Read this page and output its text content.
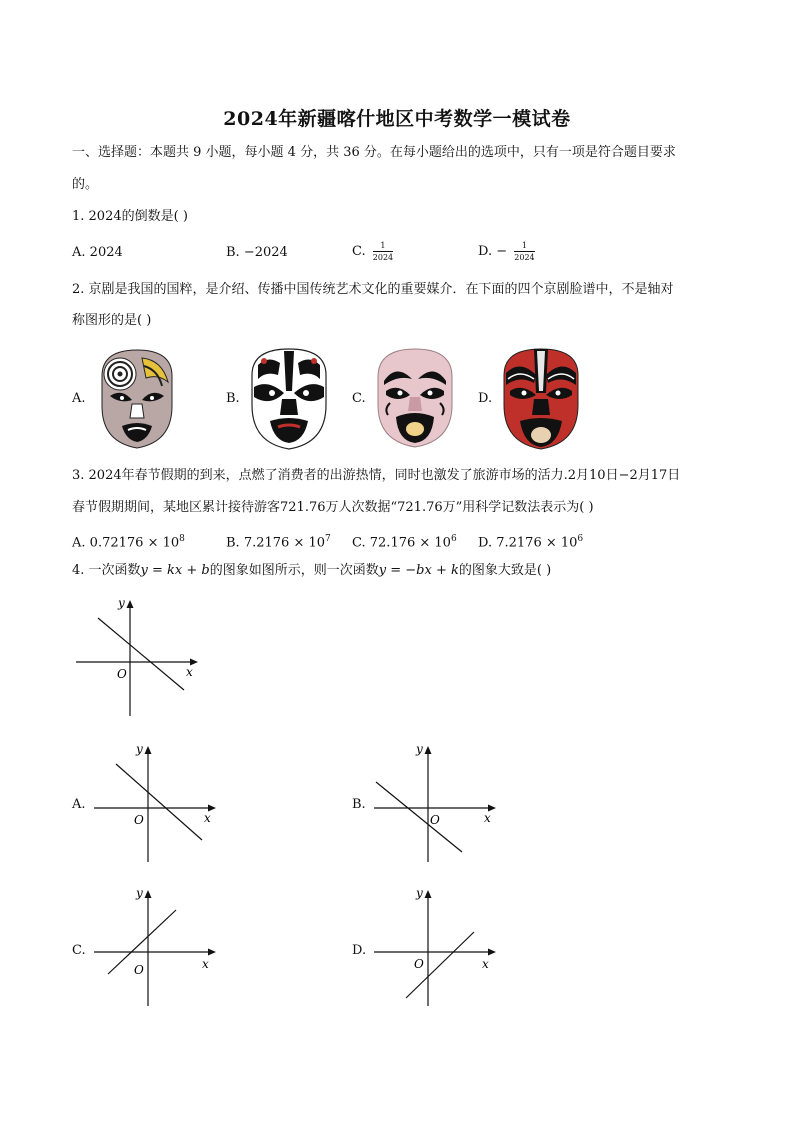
2024年新疆喀什地区中考数学一模试卷
一、选择题：本题共 9 小题，每小题 4 分，共 36 分。在每小题给出的选项中，只有一项是符合题目要求
的。
1. 2024的倒数是( )
A. 2024	B. −2024	C. $\frac{1}{2024}$	D. − $\frac{1}{2024}$
2. 京剧是我国的国粹，是介绍、传播中国传统艺术文化的重要媒介．在下面的四个京剧脸谱中，不是轴对
称图形的是( )
A.	B.	C.	D.
3. 2024年春节假期的到来，点燃了消费者的出游热情，同时也激发了旅游市场的活力.2月10日−2月17日
春节假期期间，某地区累计接待游客721.76万人次数据“721.76万”用科学记数法表示为( )
A. $0.72176 \times 10^8$	B. $7.2176 \times 10^7$ C. $72.176 \times 10^6$ D. $7.2176 \times 10^6$
4. 一次函数y = kx + b的图象如图所示，则一次函数y = −bx + k的图象大致是( )
y
x
O
A.
y
x
O
B.
y
x
O
C.
y
x
O
D.
y
x
O
